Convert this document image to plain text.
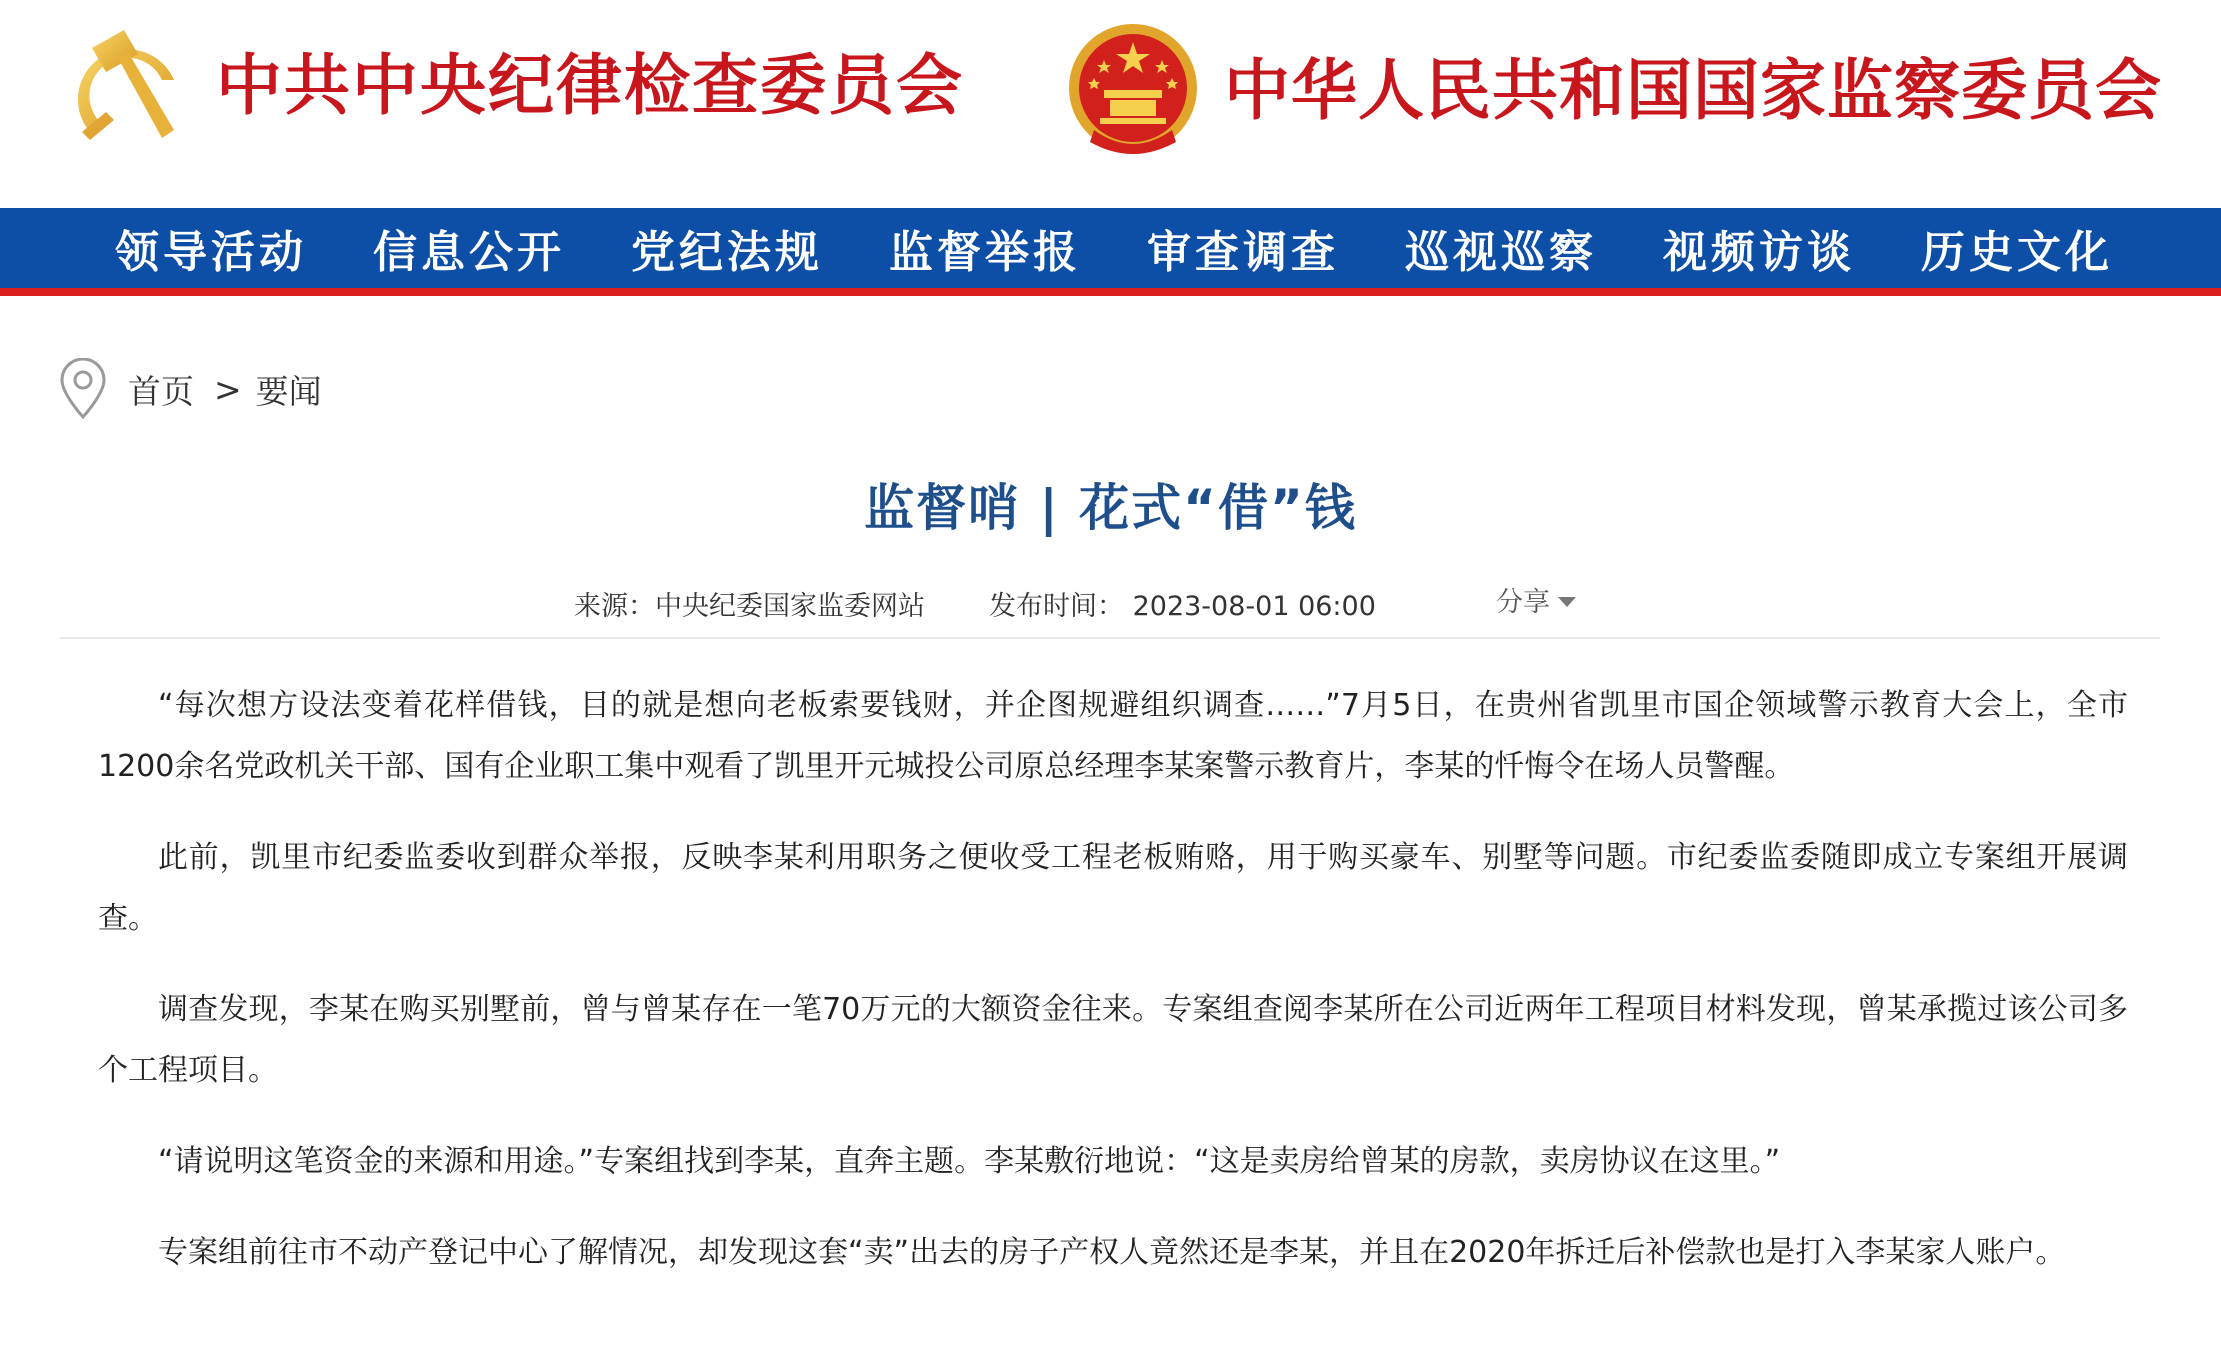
中共中央纪律检查委员会	中华人民共和国国家监察委员会
领导活动	信息公开	党纪法规	监督举报	审查调查	巡视巡察	视频访谈	历史文化
首页 > 要闻
监督哨 | 花式“借”钱
来源：中央纪委国家监委网站 发布时间： 2023-08-01 06:00	分享

“每次想方设法变着花样借钱，目的就是想向老板索要钱财，并企图规避组织调查……”7月5日，在贵州省凯里市国企领域警示教育大会上，全市1200余名党政机关干部、国有企业职工集中观看了凯里开元城投公司原总经理李某案警示教育片，李某的忏悔令在场人员警醒。

此前，凯里市纪委监委收到群众举报，反映李某利用职务之便收受工程老板贿赂，用于购买豪车、别墅等问题。市纪委监委随即成立专案组开展调查。

调查发现，李某在购买别墅前，曾与曾某存在一笔70万元的大额资金往来。专案组查阅李某所在公司近两年工程项目材料发现，曾某承揽过该公司多个工程项目。

“请说明这笔资金的来源和用途。”专案组找到李某，直奔主题。李某敷衍地说：“这是卖房给曾某的房款，卖房协议在这里。”

专案组前往市不动产登记中心了解情况，却发现这套“卖”出去的房子产权人竟然还是李某，并且在2020年拆迁后补偿款也是打入李某家人账户。
